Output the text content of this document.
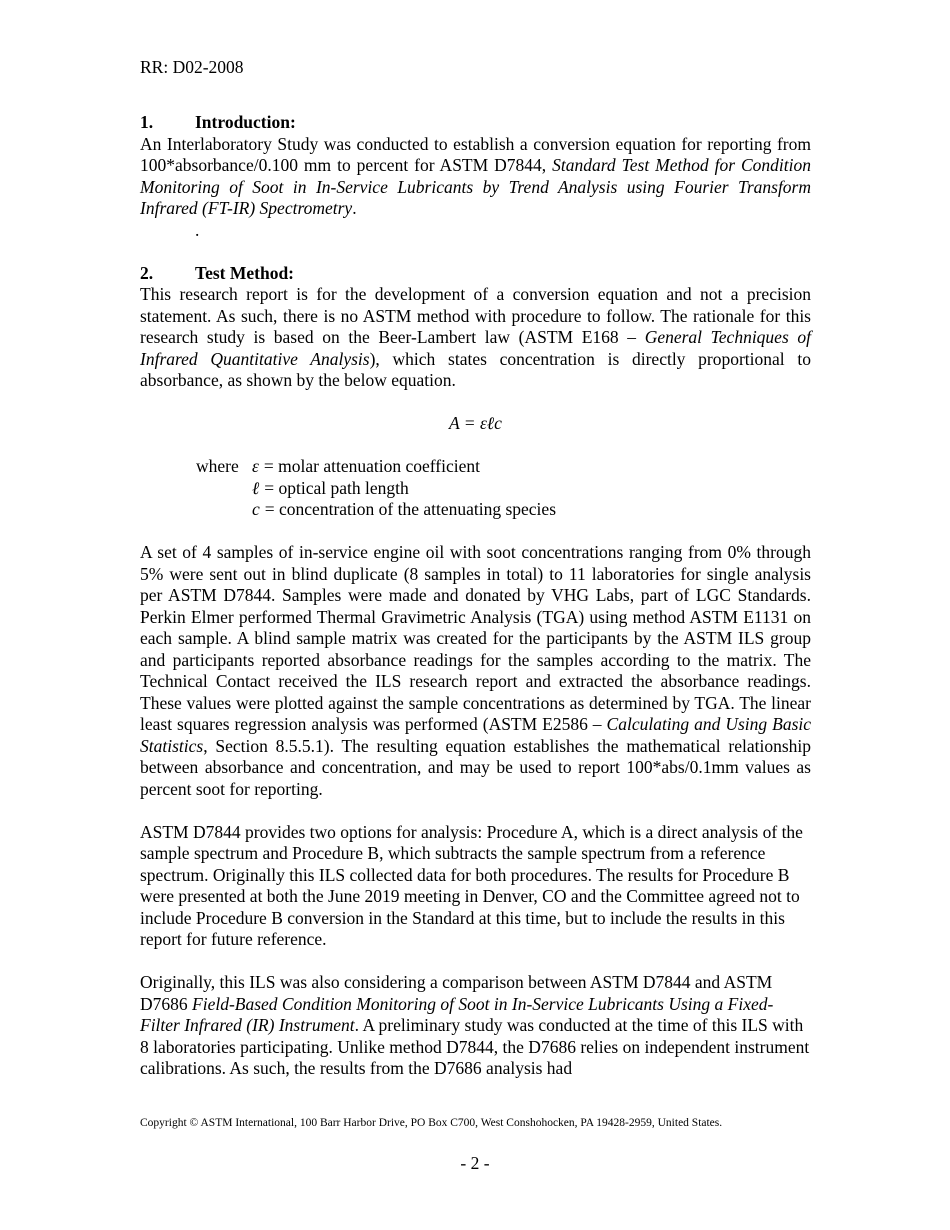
RR: D02-2008
1.	Introduction:

An Interlaboratory Study was conducted to establish a conversion equation for reporting from 100*absorbance/0.100 mm to percent for ASTM D7844, Standard Test Method for Condition Monitoring of Soot in In-Service Lubricants by Trend Analysis using Fourier Transform Infrared (FT-IR) Spectrometry.

.

2.	Test Method:

This research report is for the development of a conversion equation and not a precision statement. As such, there is no ASTM method with procedure to follow. The rationale for this research study is based on the Beer-Lambert law (ASTM E168 – General Techniques of Infrared Quantitative Analysis), which states concentration is directly proportional to absorbance, as shown by the below equation.

A = εℓc

where ε = molar attenuation coefficient
ℓ = optical path length
c = concentration of the attenuating species

A set of 4 samples of in-service engine oil with soot concentrations ranging from 0% through 5% were sent out in blind duplicate (8 samples in total) to 11 laboratories for single analysis per ASTM D7844. Samples were made and donated by VHG Labs, part of LGC Standards. Perkin Elmer performed Thermal Gravimetric Analysis (TGA) using method ASTM E1131 on each sample. A blind sample matrix was created for the participants by the ASTM ILS group and participants reported absorbance readings for the samples according to the matrix. The Technical Contact received the ILS research report and extracted the absorbance readings. These values were plotted against the sample concentrations as determined by TGA. The linear least squares regression analysis was performed (ASTM E2586 – Calculating and Using Basic Statistics, Section 8.5.5.1). The resulting equation establishes the mathematical relationship between absorbance and concentration, and may be used to report 100*abs/0.1mm values as percent soot for reporting.

ASTM D7844 provides two options for analysis: Procedure A, which is a direct analysis of the sample spectrum and Procedure B, which subtracts the sample spectrum from a reference spectrum. Originally this ILS collected data for both procedures. The results for Procedure B were presented at both the June 2019 meeting in Denver, CO and the Committee agreed not to include Procedure B conversion in the Standard at this time, but to include the results in this report for future reference.

Originally, this ILS was also considering a comparison between ASTM D7844 and ASTM D7686 Field-Based Condition Monitoring of Soot in In-Service Lubricants Using a Fixed-Filter Infrared (IR) Instrument. A preliminary study was conducted at the time of this ILS with 8 laboratories participating. Unlike method D7844, the D7686 relies on independent instrument calibrations. As such, the results from the D7686 analysis had

Copyright © ASTM International, 100 Barr Harbor Drive, PO Box C700, West Conshohocken, PA 19428-2959, United States.
- 2 -
